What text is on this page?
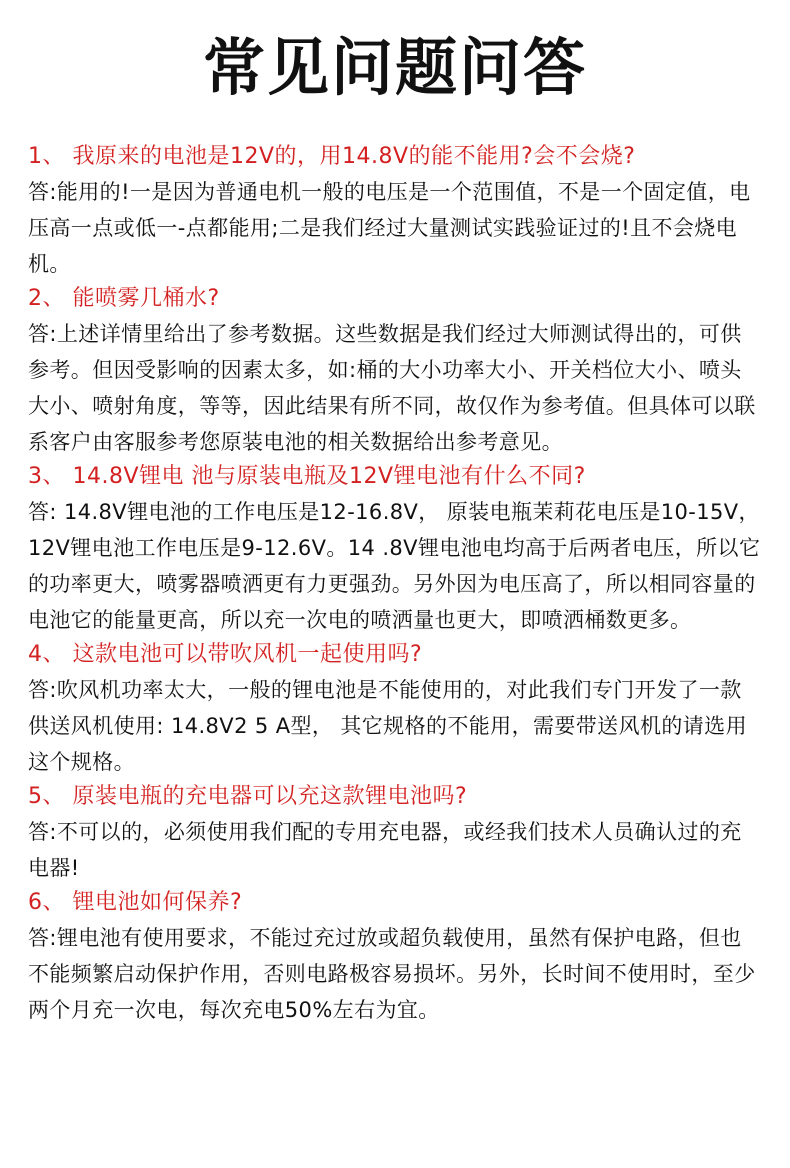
常见问题问答

1、 我原来的电池是12V的，用14.8V的能不能用?会不会烧?

答:能用的!一是因为普通电机一般的电压是一个范围值，不是一个固定值，电压高一点或低一-点都能用;二是我们经过大量测试实践验证过的!且不会烧电机。

2、 能喷雾几桶水?

答:上述详情里给出了参考数据。这些数据是我们经过大师测试得出的，可供参考。但因受影响的因素太多，如:桶的大小功率大小、开关档位大小、喷头大小、喷射角度，等等，因此结果有所不同，故仅作为参考值。但具体可以联系客户由客服参考您原装电池的相关数据给出参考意见。

3、 14.8V锂电 池与原装电瓶及12V锂电池有什么不同?

答: 14.8V锂电池的工作电压是12-16.8V， 原装电瓶茉莉花电压是10-15V，12V锂电池工作电压是9-12.6V。14 .8V锂电池电均高于后两者电压，所以它的功率更大，喷雾器喷洒更有力更强劲。另外因为电压高了，所以相同容量的电池它的能量更高，所以充一次电的喷洒量也更大，即喷洒桶数更多。

4、 这款电池可以带吹风机一起使用吗?

答:吹风机功率太大，一般的锂电池是不能使用的，对此我们专门开发了一款供送风机使用: 14.8V2 5 A型， 其它规格的不能用，需要带送风机的请选用这个规格。

5、 原装电瓶的充电器可以充这款锂电池吗?

答:不可以的，必须使用我们配的专用充电器，或经我们技术人员确认过的充电器!

6、 锂电池如何保养?

答:锂电池有使用要求，不能过充过放或超负载使用，虽然有保护电路，但也不能频繁启动保护作用，否则电路极容易损坏。另外，长时间不使用时，至少两个月充一次电，每次充电50%左右为宜。
